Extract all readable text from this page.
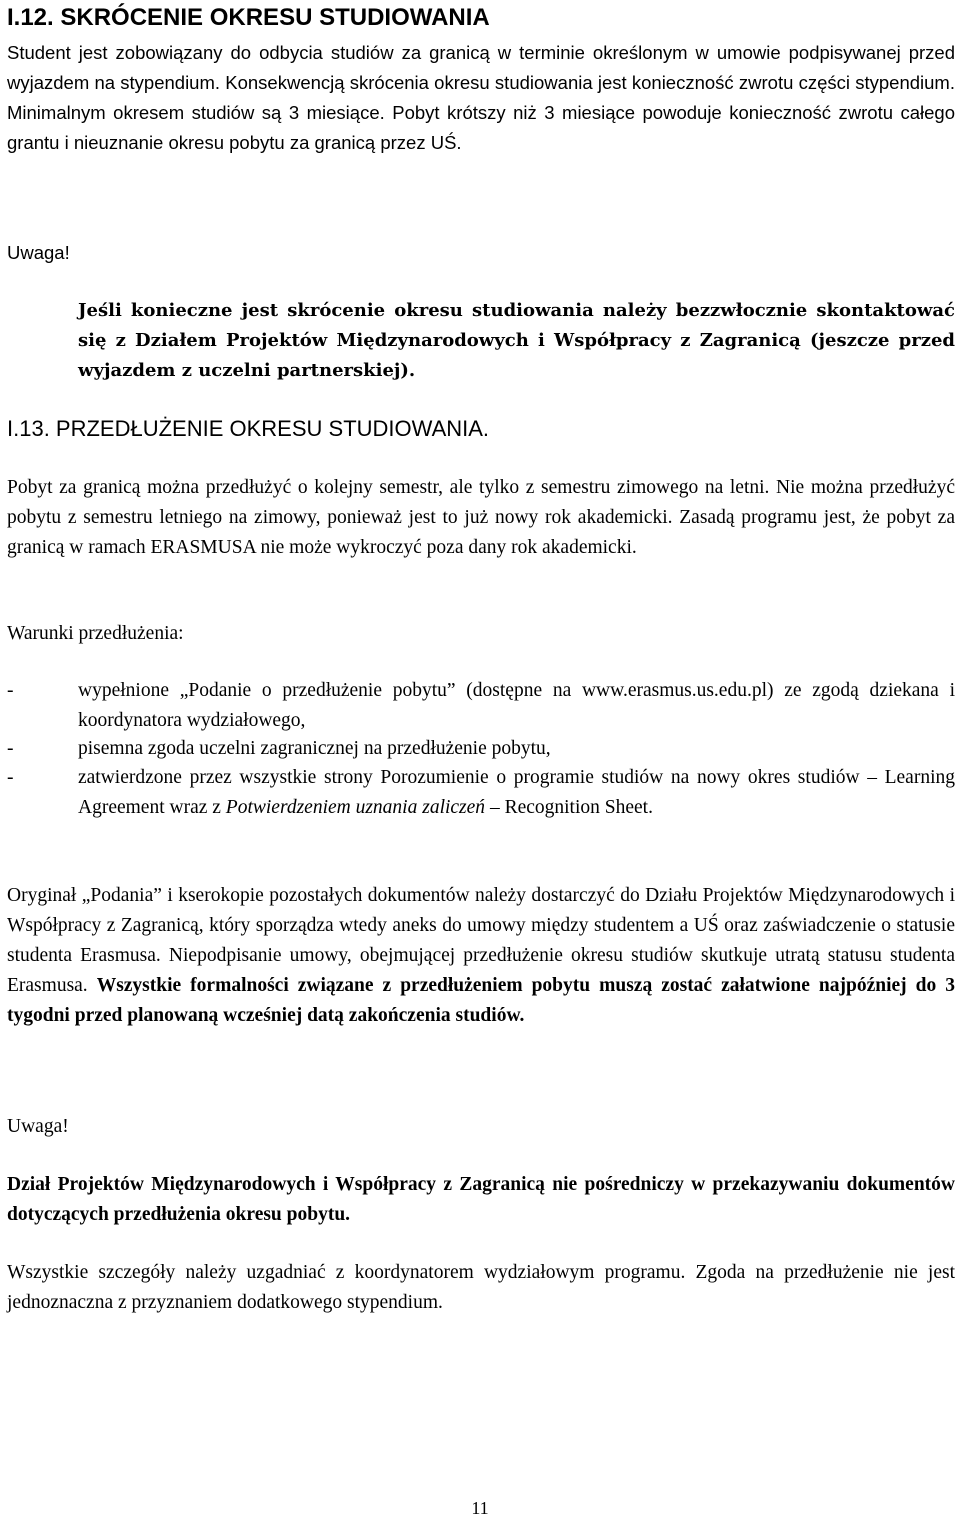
I.12. SKRÓCENIE OKRESU STUDIOWANIA

Student jest zobowiązany do odbycia studiów za granicą w terminie określonym w umowie podpisywanej przed wyjazdem na stypendium. Konsekwencją skrócenia okresu studiowania jest konieczność zwrotu części stypendium. Minimalnym okresem studiów są 3 miesiące. Pobyt krótszy niż 3 miesiące powoduje konieczność zwrotu całego grantu i nieuznanie okresu pobytu za granicą przez UŚ.

Uwaga!

Jeśli konieczne jest skrócenie okresu studiowania należy bezzwłocznie skontaktować się z Działem Projektów Międzynarodowych i Współpracy z Zagranicą (jeszcze przed wyjazdem z uczelni partnerskiej).

I.13. PRZEDŁUŻENIE OKRESU STUDIOWANIA.

Pobyt za granicą można przedłużyć o kolejny semestr, ale tylko z semestru zimowego na letni. Nie można przedłużyć pobytu z semestru letniego na zimowy, ponieważ jest to już nowy rok akademicki. Zasadą programu jest, że pobyt za granicą w ramach ERASMUSA nie może wykroczyć poza dany rok akademicki.

Warunki przedłużenia:

-	wypełnione „Podanie o przedłużenie pobytu” (dostępne na www.erasmus.us.edu.pl) ze zgodą dziekana i koordynatora wydziałowego,
-	pisemna zgoda uczelni zagranicznej na przedłużenie pobytu,
-	zatwierdzone przez wszystkie strony Porozumienie o programie studiów na nowy okres studiów – Learning Agreement wraz z Potwierdzeniem uznania zaliczeń – Recognition Sheet.

Oryginał „Podania” i kserokopie pozostałych dokumentów należy dostarczyć do Działu Projektów Międzynarodowych i Współpracy z Zagranicą, który sporządza wtedy aneks do umowy między studentem a UŚ oraz zaświadczenie o statusie studenta Erasmusa. Niepodpisanie umowy, obejmującej przedłużenie okresu studiów skutkuje utratą statusu studenta Erasmusa. Wszystkie formalności związane z przedłużeniem pobytu muszą zostać załatwione najpóźniej do 3 tygodni przed planowaną wcześniej datą zakończenia studiów.

Uwaga!

Dział Projektów Międzynarodowych i Współpracy z Zagranicą nie pośredniczy w przekazywaniu dokumentów dotyczących przedłużenia okresu pobytu.

Wszystkie szczegóły należy uzgadniać z koordynatorem wydziałowym programu. Zgoda na przedłużenie nie jest jednoznaczna z przyznaniem dodatkowego stypendium.

11
